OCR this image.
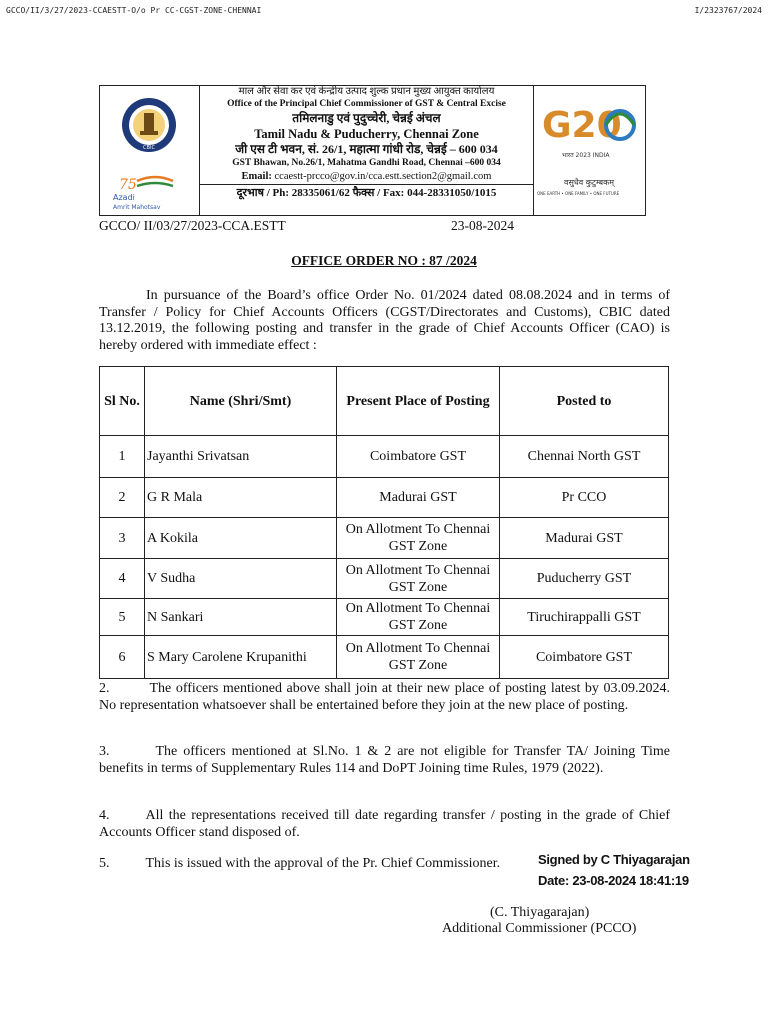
GCCO/II/3/27/2023-CCAESTT-O/o Pr CC-CGST-ZONE-CHENNAI	I/2323767/2024
CBIC
75
Azadi
Amrit Mahotsav
G20
भारत 2023 INDIA
वसुधैव कुटुम्बकम्
ONE EARTH • ONE FAMILY • ONE FUTURE
माल और सेवा कर एवं केन्द्रीय उत्पाद शुल्क प्रधान मुख्य आयुक्त कार्यालय
Office of the Principal Chief Commissioner of GST & Central Excise
तमिलनाडु एवं पुदुच्चेरी, चेन्नई अंचल
Tamil Nadu & Puducherry, Chennai Zone
जी एस टी भवन, सं. 26/1, महात्मा गांधी रोड, चेन्नई – 600 034
GST Bhawan, No.26/1, Mahatma Gandhi Road, Chennai –600 034
Email: ccaestt-prcco@gov.in/cca.estt.section2@gmail.com
दूरभाष / Ph: 28335061/62 फैक्स / Fax: 044-28331050/1015
GCCO/ II/03/27/2023-CCA.ESTT	23-08-2024
OFFICE ORDER NO : 87 /2024
In pursuance of the Board’s office Order No. 01/2024 dated 08.08.2024 and in terms of Transfer / Policy for Chief Accounts Officers (CGST/Directorates and Customs), CBIC dated 13.12.2019, the following posting and transfer in the grade of Chief Accounts Officer (CAO) is hereby ordered with immediate effect :
Sl No.	Name (Shri/Smt)	Present Place of Posting	Posted to
1	Jayanthi Srivatsan	Coimbatore GST	Chennai North GST
2	G R Mala	Madurai GST	Pr CCO
3	A Kokila	On Allotment To Chennai GST Zone	Madurai GST
4	V Sudha	On Allotment To Chennai GST Zone	Puducherry GST
5	N Sankari	On Allotment To Chennai GST Zone	Tiruchirappalli GST
6	S Mary Carolene Krupanithi	On Allotment To Chennai GST Zone	Coimbatore GST
2.	The officers mentioned above shall join at their new place of posting latest by 03.09.2024. No representation whatsoever shall be entertained before they join at the new place of posting.
3.	The officers mentioned at Sl.No. 1 & 2 are not eligible for Transfer TA/ Joining Time benefits in terms of Supplementary Rules 114 and DoPT Joining time Rules, 1979 (2022).
4.	All the representations received till date regarding transfer / posting in the grade of Chief Accounts Officer stand disposed of.
5.	This is issued with the approval of the Pr. Chief Commissioner.	Signed by C Thiyagarajan
Date: 23-08-2024 18:41:19
(C. Thiyagarajan)
Additional Commissioner (PCCO)
